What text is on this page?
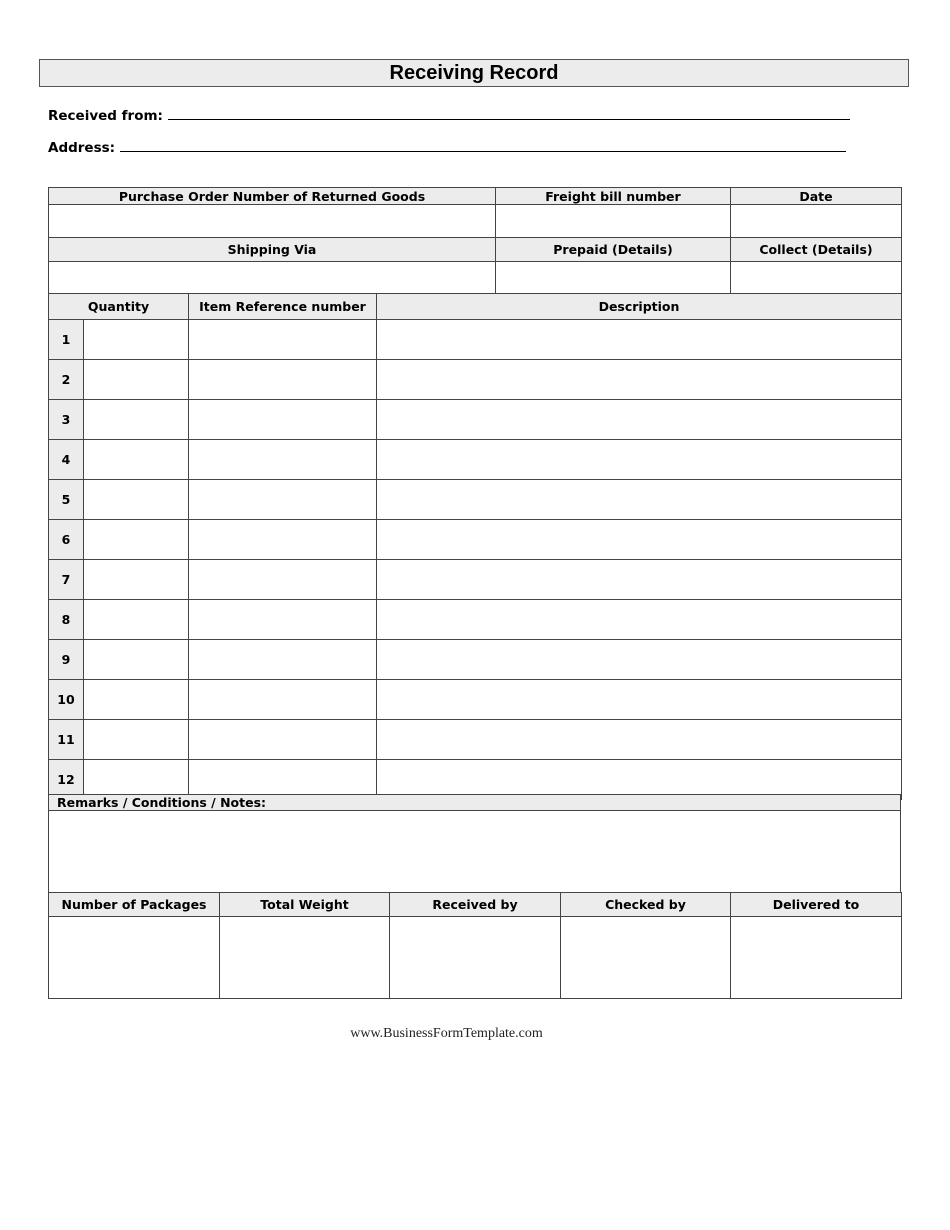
Receiving Record
Received from:
Address:
Purchase Order Number of Returned Goods	Freight bill number	Date

Shipping Via	Prepaid (Details)	Collect (Details)

Quantity		Item Reference number	Description
1			
2			
3			
4			
5			
6			
7			
8			
9			
10			
11			
12			
Remarks / Conditions / Notes:

Number of Packages	Total Weight	Received by	Checked by	Delivered to

www.BusinessFormTemplate.com
